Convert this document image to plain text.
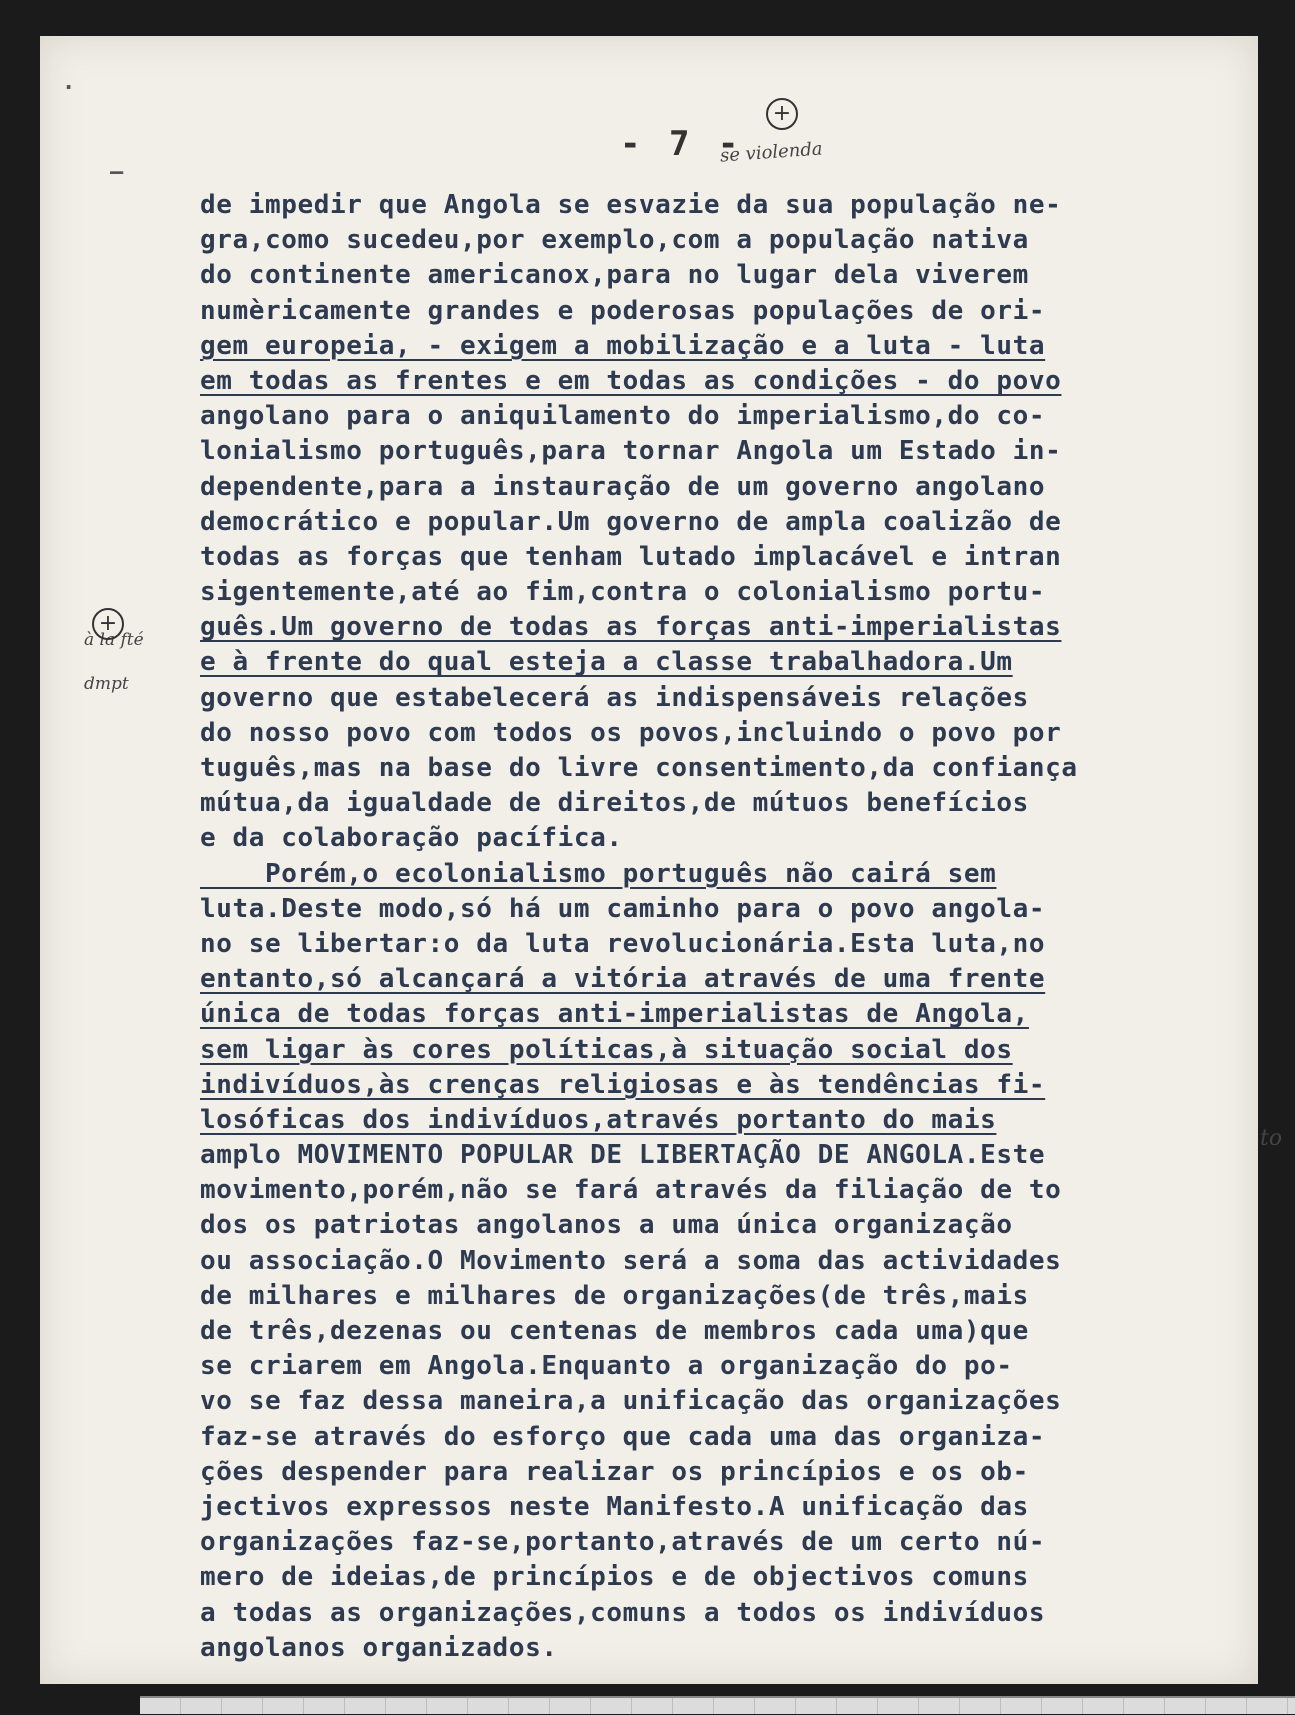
- 7 -
se violenda
+
·
–
à la fté
dmpt
+
to
de impedir que Angola se esvazie da sua população ne-
gra,como sucedeu,por exemplo,com a população nativa
do continente americanox,para no lugar dela viverem
numèricamente grandes e poderosas populações de ori-
gem europeia, - exigem a mobilização e a luta - luta
em todas as frentes e em todas as condições - do povo
angolano para o aniquilamento do imperialismo,do co-
lonialismo português,para tornar Angola um Estado in-
dependente,para a instauração de um governo angolano
democrático e popular.Um governo de ampla coalizão de
todas as forças que tenham lutado implacável e intran
sigentemente,até ao fim,contra o colonialismo portu-
guês.Um governo de todas as forças anti-imperialistas
e à frente do qual esteja a classe trabalhadora.Um
governo que estabelecerá as indispensáveis relações
do nosso povo com todos os povos,incluindo o povo por
tuguês,mas na base do livre consentimento,da confiança
mútua,da igualdade de direitos,de mútuos benefícios
e da colaboração pacífica.
Porém,o ecolonialismo português não cairá sem
luta.Deste modo,só há um caminho para o povo angola-
no se libertar:o da luta revolucionária.Esta luta,no
entanto,só alcançará a vitória através de uma frente
única de todas forças anti-imperialistas de Angola,
sem ligar às cores políticas,à situação social dos
indivíduos,às crenças religiosas e às tendências fi-
losóficas dos indivíduos,através portanto do mais
amplo MOVIMENTO POPULAR DE LIBERTAÇÃO DE ANGOLA.Este
movimento,porém,não se fará através da filiação de to
dos os patriotas angolanos a uma única organização
ou associação.O Movimento será a soma das actividades
de milhares e milhares de organizações(de três,mais
de três,dezenas ou centenas de membros cada uma)que
se criarem em Angola.Enquanto a organização do po-
vo se faz dessa maneira,a unificação das organizações
faz-se através do esforço que cada uma das organiza-
ções despender para realizar os princípios e os ob-
jectivos expressos neste Manifesto.A unificação das
organizações faz-se,portanto,através de um certo nú-
mero de ideias,de princípios e de objectivos comuns
a todas as organizações,comuns a todos os indivíduos
angolanos organizados.
